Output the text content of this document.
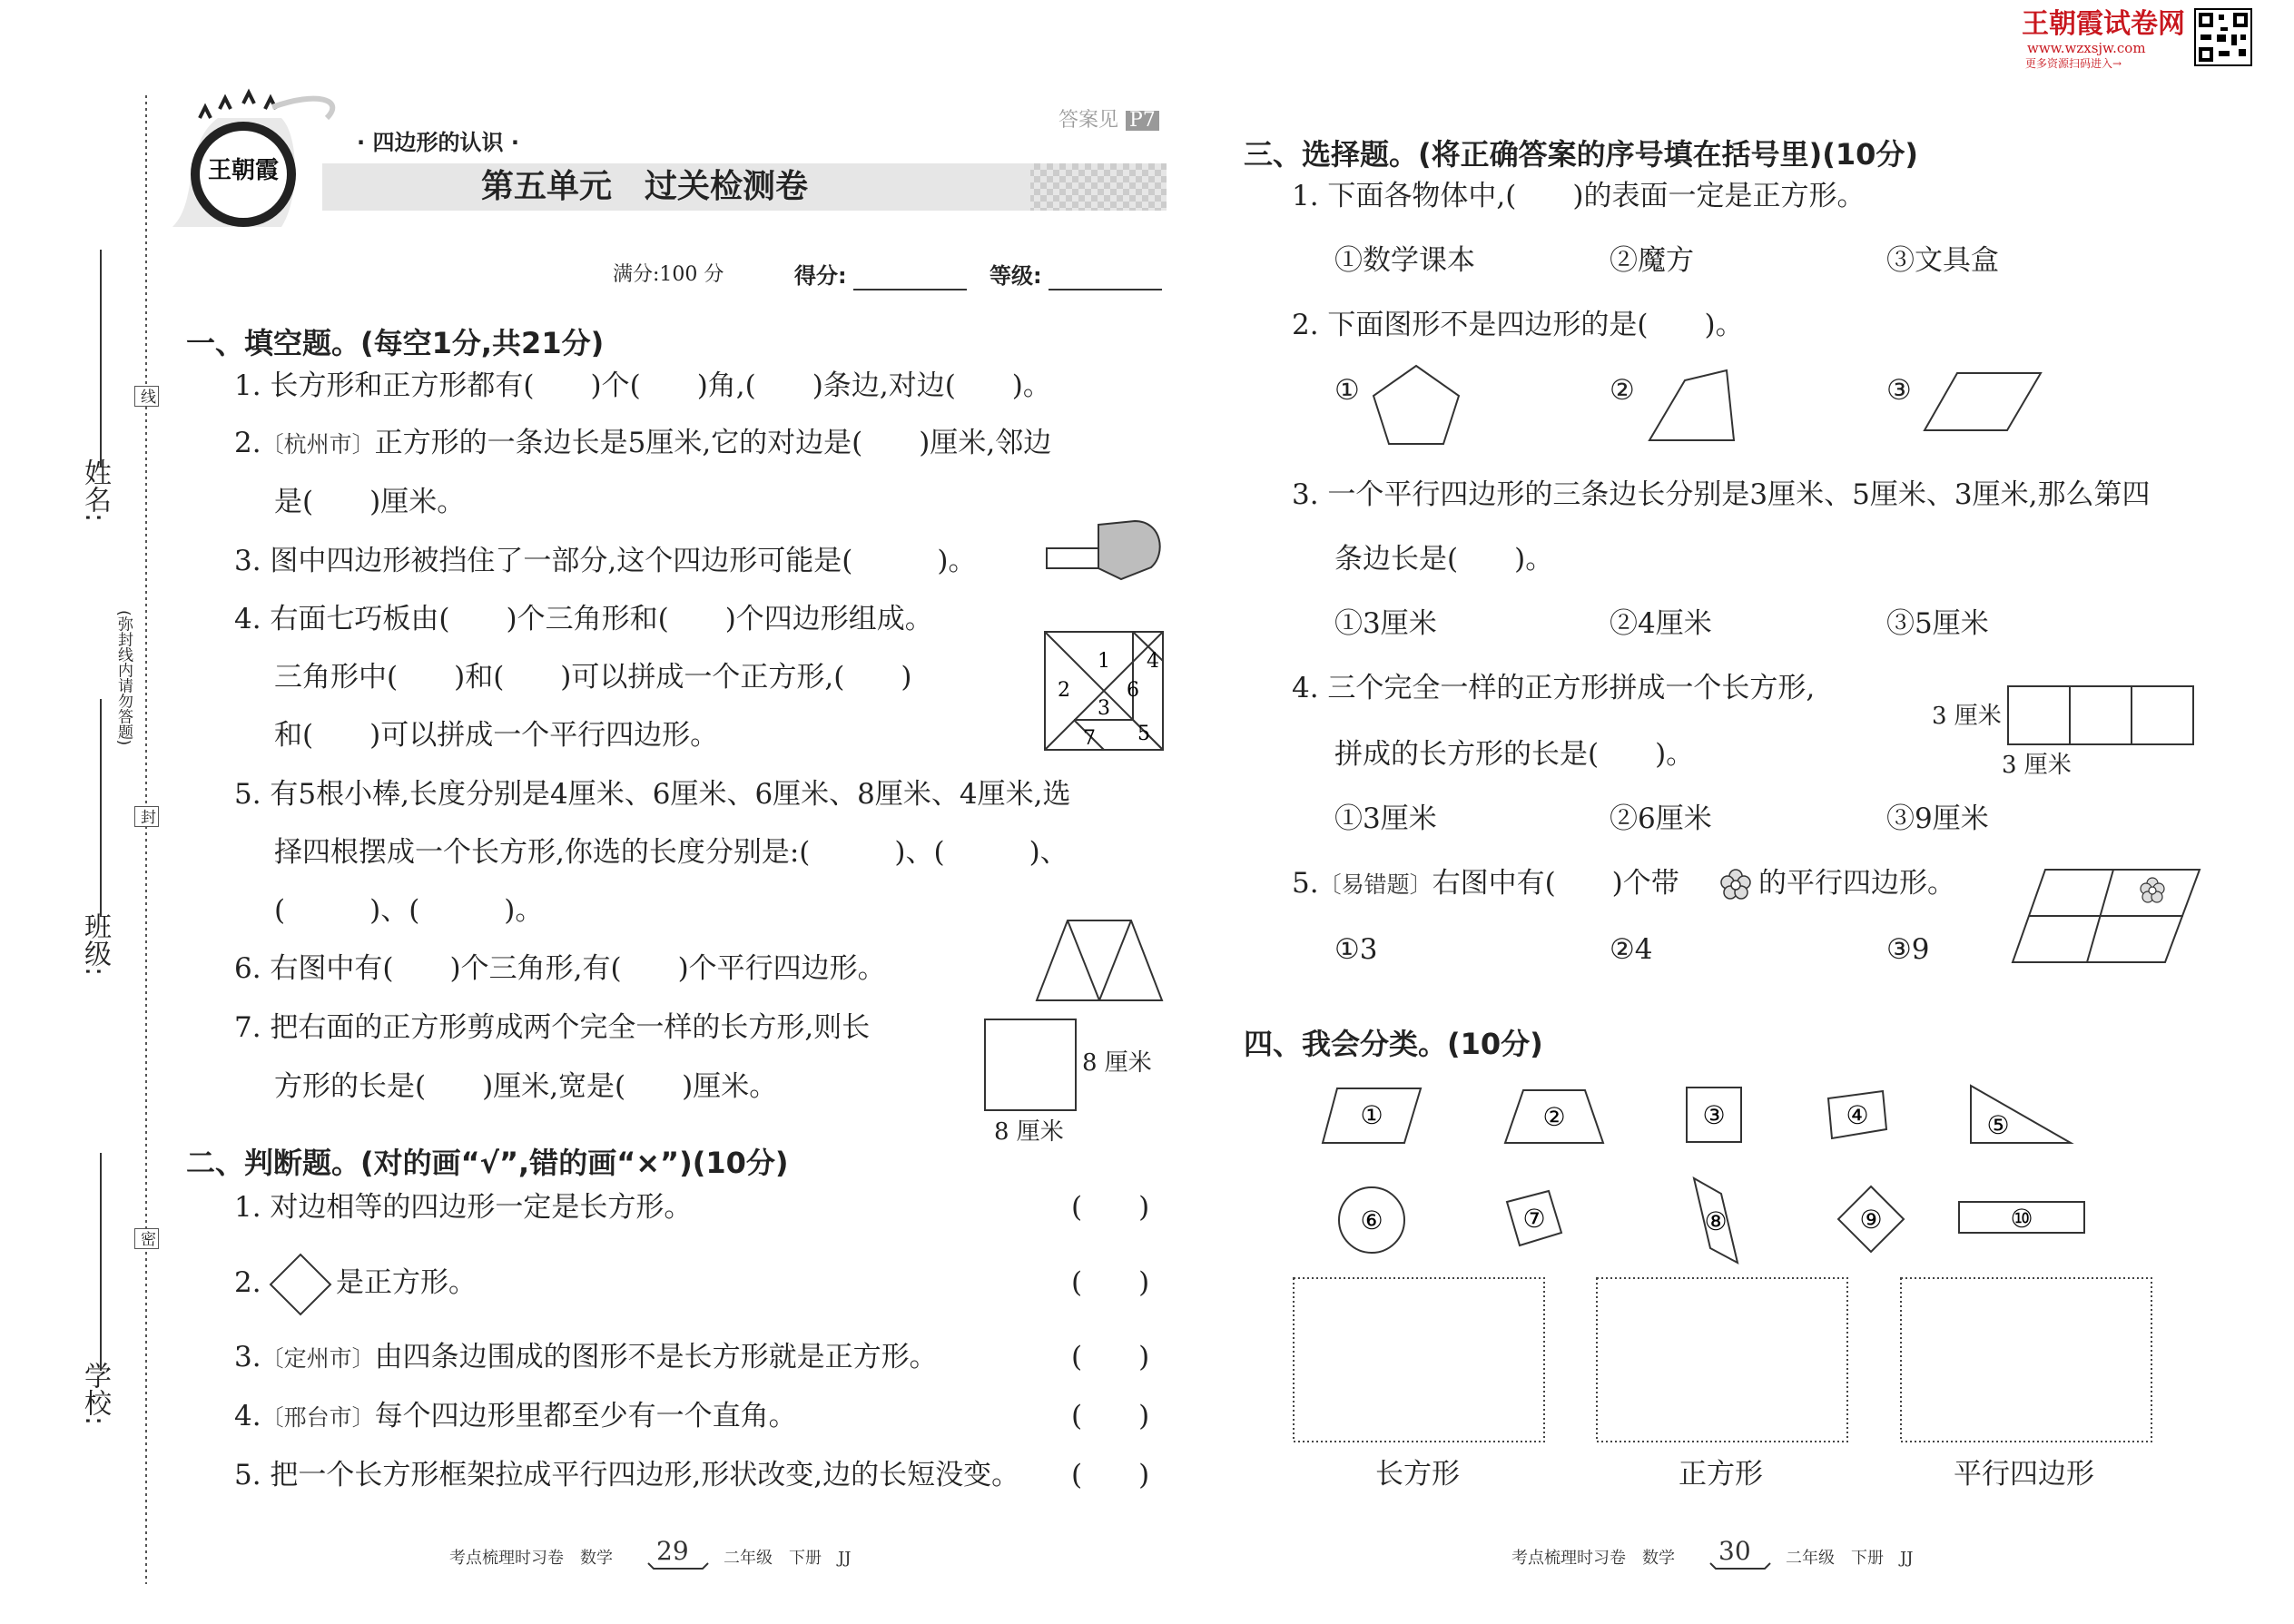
王朝霞试卷网
www.wzxsjw.com
更多资源扫码进入→
姓名:
班级:
学校:
线
封
密
(弥封线内请勿答题)
王朝霞
答案见 P7
· 四边形的认识 ·
第五单元　过关检测卷
满分:100 分	得分:	等级:
一、填空题。(每空1分,共21分)
1. 长方形和正方形都有(　　)个(　　)角,(　　)条边,对边(　　)。
2.〔杭州市〕正方形的一条边长是5厘米,它的对边是(　　)厘米,邻边
是(　　)厘米。
3. 图中四边形被挡住了一部分,这个四边形可能是(　　　)。
4. 右面七巧板由(　　)个三角形和(　　)个四边形组成。
三角形中(　　)和(　　)可以拼成一个正方形,(　　)
和(　　)可以拼成一个平行四边形。
1
2
3
4
5
6
7
5. 有5根小棒,长度分别是4厘米、6厘米、6厘米、8厘米、4厘米,选
择四根摆成一个长方形,你选的长度分别是:(　　　)、(　　　)、
(　　　)、(　　　)。
6. 右图中有(　　)个三角形,有(　　)个平行四边形。
7. 把右面的正方形剪成两个完全一样的长方形,则长
方形的长是(　　)厘米,宽是(　　)厘米。
8 厘米
8 厘米
二、判断题。(对的画“√”,错的画“×”)(10分)
1. 对边相等的四边形一定是长方形。	(　　)
2.	是正方形。	(　　)
3.〔定州市〕由四条边围成的图形不是长方形就是正方形。	(　　)
4.〔邢台市〕每个四边形里都至少有一个直角。	(　　)
5. 把一个长方形框架拉成平行四边形,形状改变,边的长短没变。 (　　)
考点梳理时习卷　数学 29 二年级　下册　JJ
三、选择题。(将正确答案的序号填在括号里)(10分)
1. 下面各物体中,(　　)的表面一定是正方形。
①数学课本	②魔方	③文具盒
2. 下面图形不是四边形的是(　　)。
①	②	③
3. 一个平行四边形的三条边长分别是3厘米、5厘米、3厘米,那么第四
条边长是(　　)。
①3厘米	②4厘米	③5厘米
4. 三个完全一样的正方形拼成一个长方形,
拼成的长方形的长是(　　)。
3 厘米
3 厘米
①3厘米	②6厘米	③9厘米
5.〔易错题〕右图中有(　　)个带	的平行四边形。
①3	②4	③9
四、我会分类。(10分)
①	②	③	④	⑤
⑥	⑦	⑧	⑨	⑩
长方形	正方形	平行四边形
考点梳理时习卷　数学 30 二年级　下册　JJ
